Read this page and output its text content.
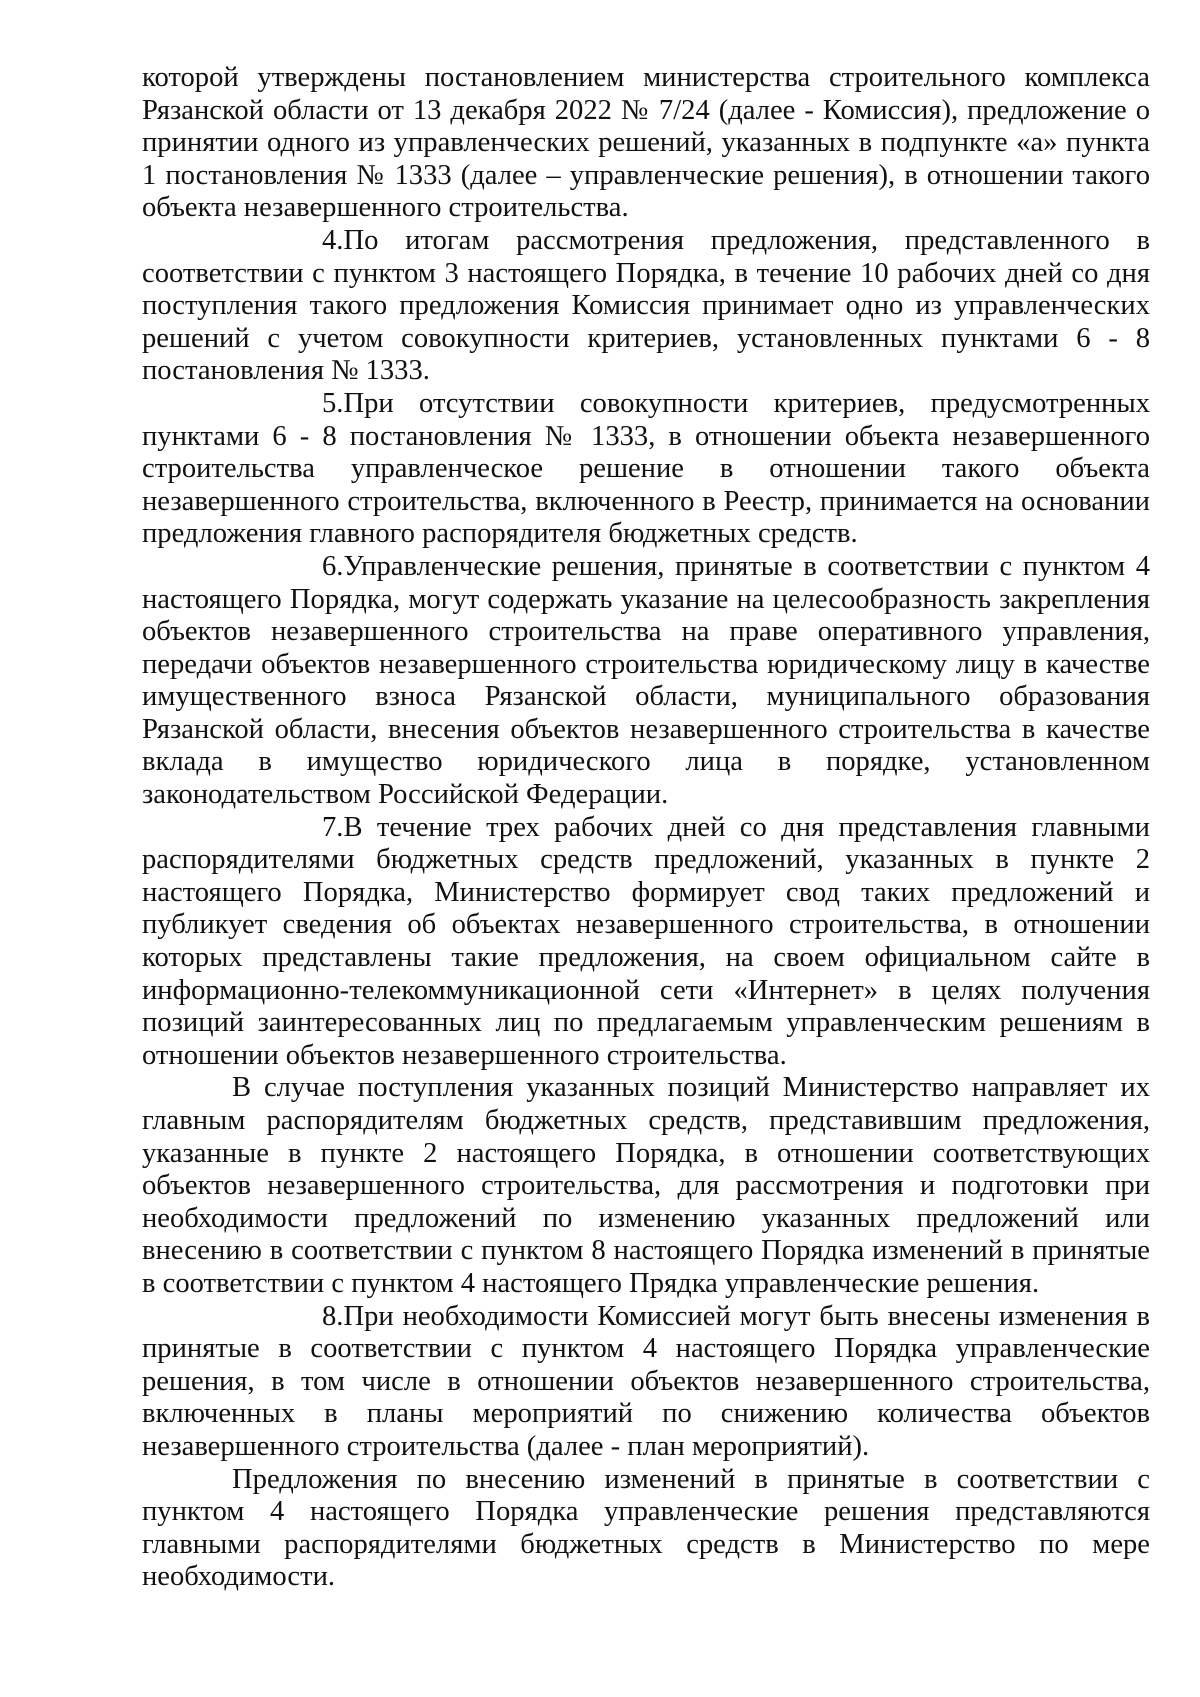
которой утверждены постановлением министерства строительного комплекса Рязанской области от 13 декабря 2022 № 7/24 (далее - Комиссия), предложение о принятии одного из управленческих решений, указанных в подпункте «а» пункта 1 постановления № 1333 (далее – управленческие решения), в отношении такого объекта незавершенного строительства.

4.По итогам рассмотрения предложения, представленного в соответствии с пунктом 3 настоящего Порядка, в течение 10 рабочих дней со дня поступления такого предложения Комиссия принимает одно из управленческих решений с учетом совокупности критериев, установленных пунктами 6 - 8 постановления № 1333.

5.При отсутствии совокупности критериев, предусмотренных пунктами 6 - 8 постановления № 1333, в отношении объекта незавершенного строительства управленческое решение в отношении такого объекта незавершенного строительства, включенного в Реестр, принимается на основании предложения главного распорядителя бюджетных средств.

6.Управленческие решения, принятые в соответствии с пунктом 4 настоящего Порядка, могут содержать указание на целесообразность закрепления объектов незавершенного строительства на праве оперативного управления, передачи объектов незавершенного строительства юридическому лицу в качестве имущественного взноса Рязанской области, муниципального образования Рязанской области, внесения объектов незавершенного строительства в качестве вклада в имущество юридического лица в порядке, установленном законодательством Российской Федерации.

7.В течение трех рабочих дней со дня представления главными распорядителями бюджетных средств предложений, указанных в пункте 2 настоящего Порядка, Министерство формирует свод таких предложений и публикует сведения об объектах незавершенного строительства, в отношении которых представлены такие предложения, на своем официальном сайте в информационно-телекоммуникационной сети «Интернет» в целях получения позиций заинтересованных лиц по предлагаемым управленческим решениям в отношении объектов незавершенного строительства.

В случае поступления указанных позиций Министерство направляет их главным распорядителям бюджетных средств, представившим предложения, указанные в пункте 2 настоящего Порядка, в отношении соответствующих объектов незавершенного строительства, для рассмотрения и подготовки при необходимости предложений по изменению указанных предложений или внесению в соответствии с пунктом 8 настоящего Порядка изменений в принятые в соответствии с пунктом 4 настоящего Прядка управленческие решения.

8.При необходимости Комиссией могут быть внесены изменения в принятые в соответствии с пунктом 4 настоящего Порядка управленческие решения, в том числе в отношении объектов незавершенного строительства, включенных в планы мероприятий по снижению количества объектов незавершенного строительства (далее - план мероприятий).

Предложения по внесению изменений в принятые в соответствии с пунктом 4 настоящего Порядка управленческие решения представляются главными распорядителями бюджетных средств в Министерство по мере необходимости.
